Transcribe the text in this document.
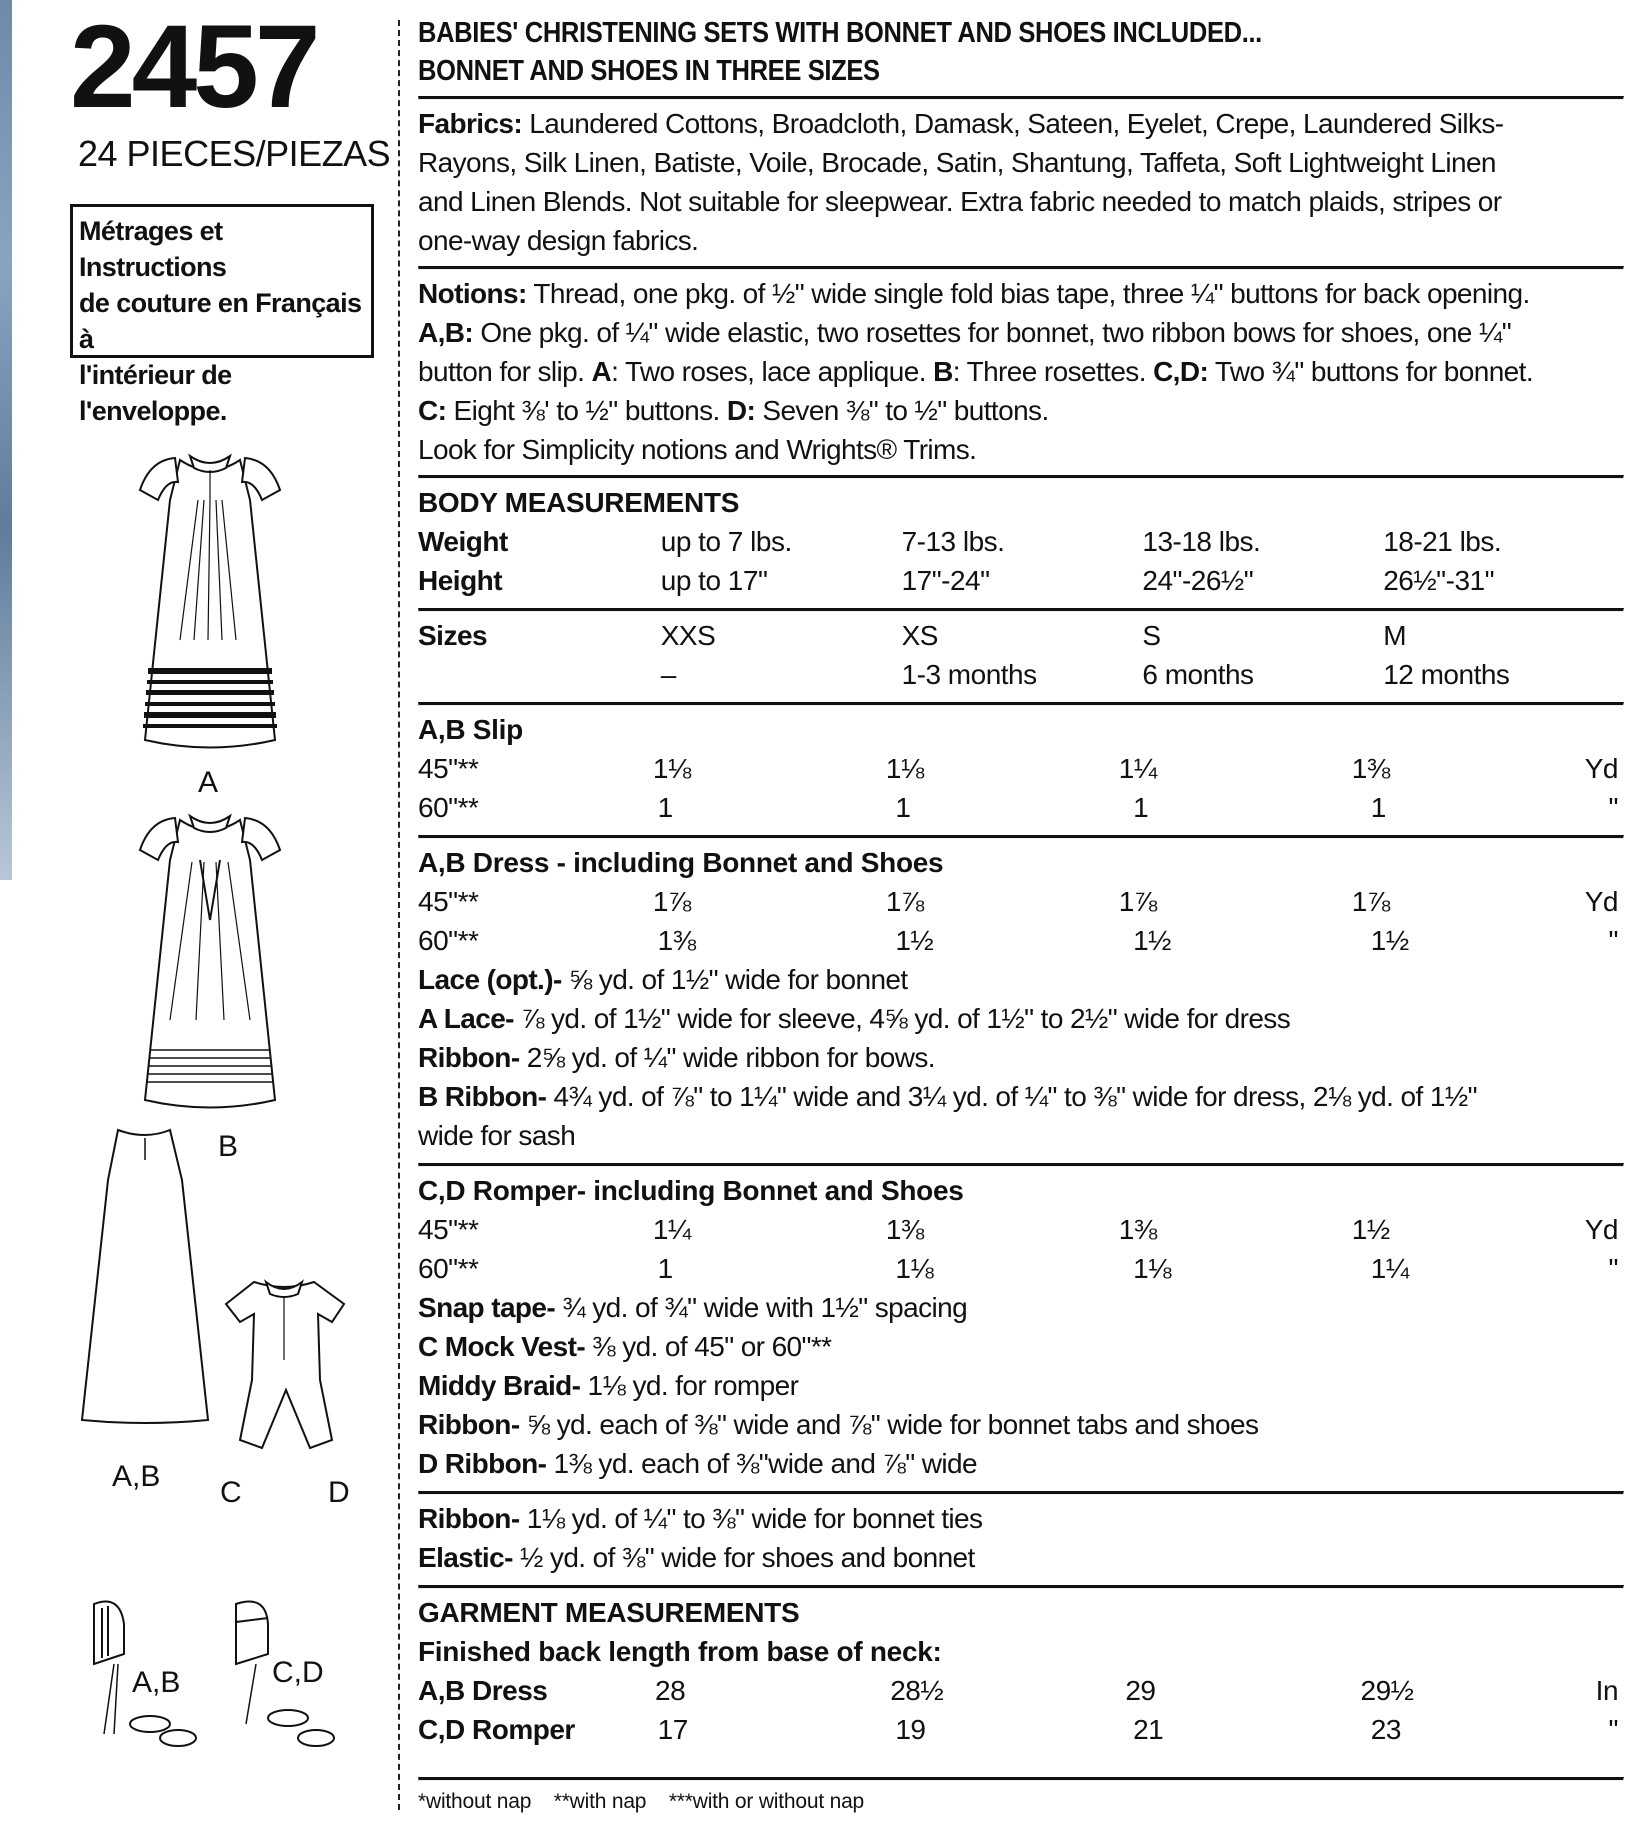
2457
24 PIECES/PIEZAS
Métrages et Instructions
de couture en Français à
l'intérieur de
l'enveloppe.
A
B
A,B C	D
A,B	C,D
BABIES' CHRISTENING SETS WITH BONNET AND SHOES INCLUDED...
BONNET AND SHOES IN THREE SIZES
Fabrics: Laundered Cottons, Broadcloth, Damask, Sateen, Eyelet, Crepe, Laundered Silks-
Rayons, Silk Linen, Batiste, Voile, Brocade, Satin, Shantung, Taffeta, Soft Lightweight Linen
and Linen Blends. Not suitable for sleepwear. Extra fabric needed to match plaids, stripes or
one-way design fabrics.
Notions: Thread, one pkg. of ½" wide single fold bias tape, three ¼" buttons for back opening.
A,B: One pkg. of ¼" wide elastic, two rosettes for bonnet, two ribbon bows for shoes, one ¼"
button for slip. A: Two roses, lace applique. B: Three rosettes. C,D: Two ¾" buttons for bonnet.
C: Eight ⅜' to ½" buttons. D: Seven ⅜" to ½" buttons.
Look for Simplicity notions and Wrights® Trims.
BODY MEASUREMENTS
Weight	up to 7 lbs.	7-13 lbs.	13-18 lbs.	18-21 lbs.
Height	up to 17"	17"-24"	24"-26½"	26½"-31"
Sizes	XXS	XS	S	M
–	1-3 months	6 months	12 months
A,B Slip
45"**	1⅛	1⅛	1¼	1⅜	Yd
60"**	1	1	1	1	"
A,B Dress - including Bonnet and Shoes
45"**	1⅞	1⅞	1⅞	1⅞	Yd
60"**	1⅜	1½	1½	1½	"
Lace (opt.)- ⅝ yd. of 1½" wide for bonnet
A Lace- ⅞ yd. of 1½" wide for sleeve, 4⅝ yd. of 1½" to 2½" wide for dress
Ribbon- 2⅝ yd. of ¼" wide ribbon for bows.
B Ribbon- 4¾ yd. of ⅞" to 1¼" wide and 3¼ yd. of ¼" to ⅜" wide for dress, 2⅛ yd. of 1½"
wide for sash
C,D Romper- including Bonnet and Shoes
45"**	1¼	1⅜	1⅜	1½	Yd
60"**	1	1⅛	1⅛	1¼	"
Snap tape- ¾ yd. of ¾" wide with 1½" spacing
C Mock Vest- ⅜ yd. of 45" or 60"**
Middy Braid- 1⅛ yd. for romper
Ribbon- ⅝ yd. each of ⅜" wide and ⅞" wide for bonnet tabs and shoes
D Ribbon- 1⅜ yd. each of ⅜"wide and ⅞" wide
Ribbon- 1⅛ yd. of ¼" to ⅜" wide for bonnet ties
Elastic- ½ yd. of ⅜" wide for shoes and bonnet
GARMENT MEASUREMENTS
Finished back length from base of neck:
A,B Dress	28	28½	29	29½	In
C,D Romper	17	19	21	23	"
*without nap    **with nap    ***with or without nap
